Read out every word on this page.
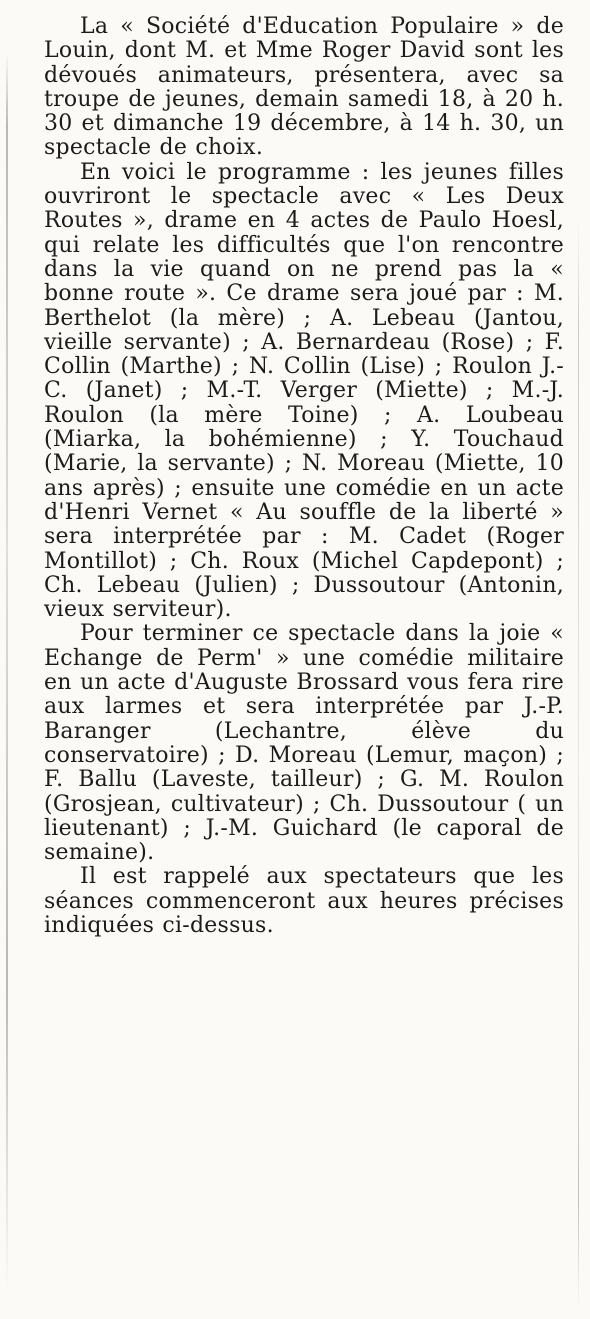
La « Société d'Education Populaire » de Louin, dont M. et Mme Roger David sont les dévoués animateurs, présentera, avec sa troupe de jeunes, demain samedi 18, à 20 h. 30 et dimanche 19 décembre, à 14 h. 30, un spectacle de choix.

En voici le programme : les jeunes filles ouvriront le spectacle avec « Les Deux Routes », drame en 4 actes de Paulo Hoesl, qui relate les difficultés que l'on rencontre dans la vie quand on ne prend pas la « bonne route ». Ce drame sera joué par : M. Berthelot (la mère) ; A. Lebeau (Jantou, vieille servante) ; A. Bernardeau (Rose) ; F. Collin (Marthe) ; N. Collin (Lise) ; Roulon J.-C. (Janet) ; M.-T. Verger (Miette) ; M.-J. Roulon (la mère Toine) ; A. Loubeau (Miarka, la bohémienne) ; Y. Touchaud (Marie, la servante) ; N. Moreau (Miette, 10 ans après) ; ensuite une comédie en un acte d'Henri Vernet « Au souffle de la liberté » sera interprétée par : M. Cadet (Roger Montillot) ; Ch. Roux (Michel Capdepont) ; Ch. Lebeau (Julien) ; Dussoutour (Antonin, vieux serviteur).

Pour terminer ce spectacle dans la joie « Echange de Perm' » une comédie militaire en un acte d'Auguste Brossard vous fera rire aux larmes et sera interprétée par J.-P. Baranger (Lechantre, élève du conservatoire) ; D. Moreau (Lemur, maçon) ; F. Ballu (Laveste, tailleur) ; G. M. Roulon (Grosjean, cultivateur) ; Ch. Dussoutour ( un lieutenant) ; J.-M. Guichard (le caporal de semaine).

Il est rappelé aux spectateurs que les séances commenceront aux heures précises indiquées ci-dessus.
